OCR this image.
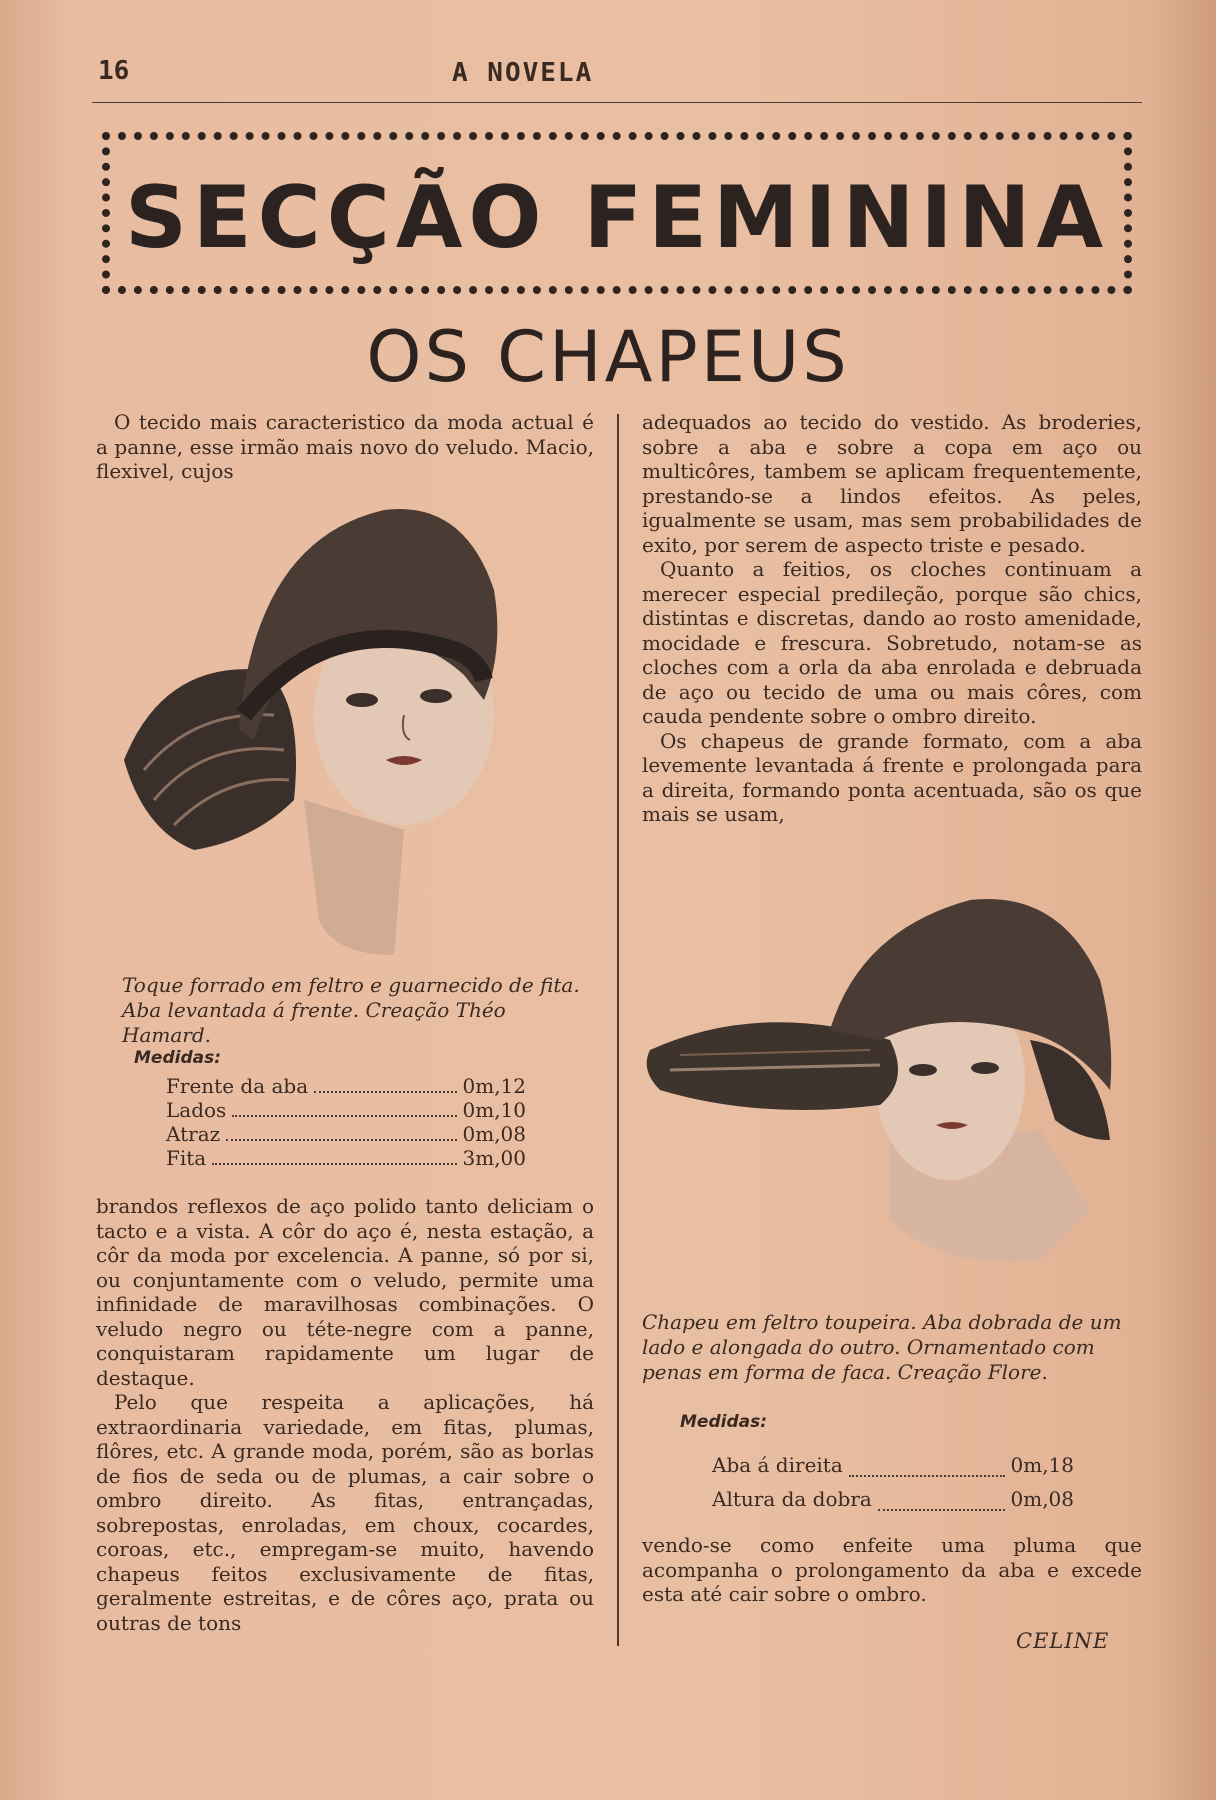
16	A NOVELA
SECÇÃO FEMININA
OS CHAPEUS

O tecido mais caracteristico da moda actual é a panne, esse irmão mais novo do veludo. Macio, flexivel, cujos

Toque forrado em feltro e guarnecido de fita. Aba levantada á frente. Creação Théo Hamard.
Medidas:
Frente da aba	0m,12
Lados	0m,10
Atraz	0m,08
Fita	3m,00

brandos reflexos de aço polido tanto deliciam o tacto e a vista. A côr do aço é, nesta estação, a côr da moda por excelencia. A panne, só por si, ou conjuntamente com o veludo, permite uma infinidade de maravilhosas combinações. O veludo negro ou téte-negre com a panne, conquistaram rapidamente um lugar de destaque.

Pelo que respeita a aplicações, há extraordinaria variedade, em fitas, plumas, flôres, etc. A grande moda, porém, são as borlas de fios de seda ou de plumas, a cair sobre o ombro direito. As fitas, entrançadas, sobrepostas, enroladas, em choux, cocardes, coroas, etc., empregam-se muito, havendo chapeus feitos exclusivamente de fitas, geralmente estreitas, e de côres aço, prata ou outras de tons

adequados ao tecido do vestido. As broderies, sobre a aba e sobre a copa em aço ou multicôres, tambem se aplicam frequentemente, prestando-se a lindos efeitos. As peles, igualmente se usam, mas sem probabilidades de exito, por serem de aspecto triste e pesado.

Quanto a feitios, os cloches continuam a merecer especial predileção, porque são chics, distintas e discretas, dando ao rosto amenidade, mocidade e frescura. Sobretudo, notam-se as cloches com a orla da aba enrolada e debruada de aço ou tecido de uma ou mais côres, com cauda pendente sobre o ombro direito.

Os chapeus de grande formato, com a aba levemente levantada á frente e prolongada para a direita, formando ponta acentuada, são os que mais se usam,

Chapeu em feltro toupeira. Aba dobrada de um lado e alongada do outro. Ornamentado com penas em forma de faca. Creação Flore.
Medidas:
Aba á direita	0m,18
Altura da dobra	0m,08

vendo-se como enfeite uma pluma que acompanha o prolongamento da aba e excede esta até cair sobre o ombro.

CELINE
